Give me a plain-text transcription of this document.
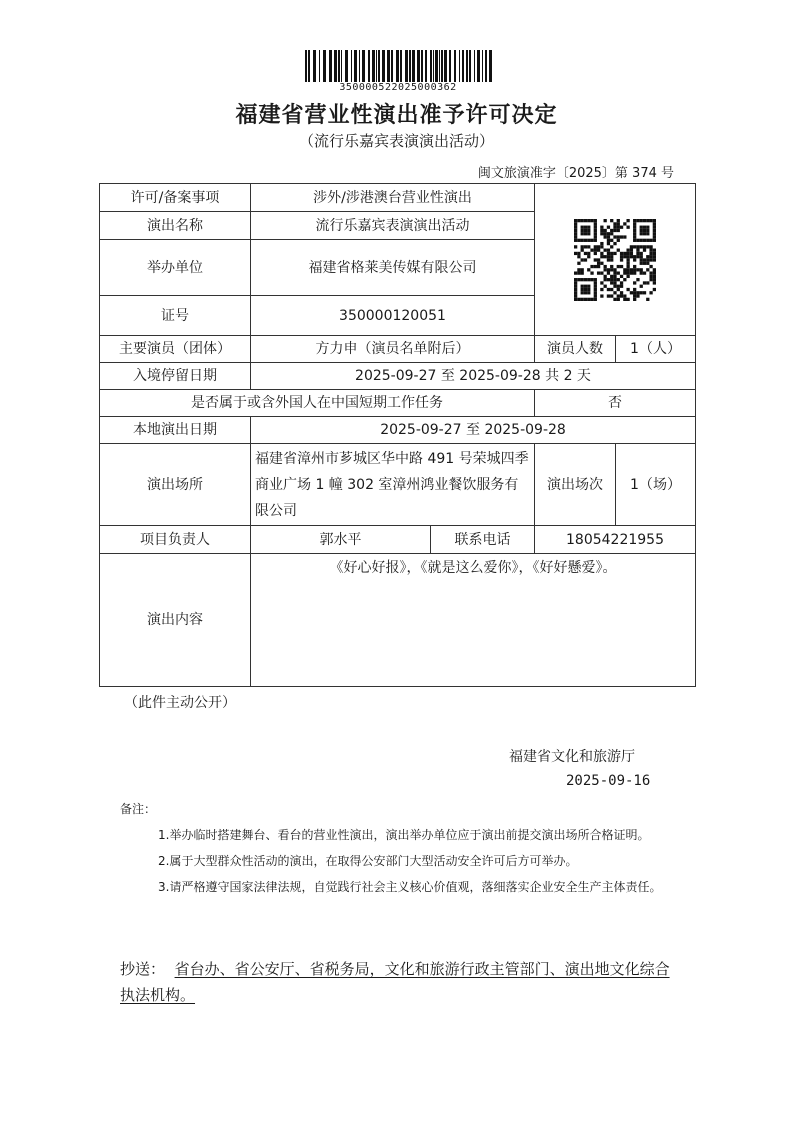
350000522025000362
福建省营业性演出准予许可决定
（流行乐嘉宾表演演出活动）
闽文旅演准字〔2025〕第 374 号
许可/备案事项	涉外/涉港澳台营业性演出	

演出名称	流行乐嘉宾表演演出活动			
举办单位	福建省格莱美传媒有限公司			
证号	350000120051			
主要演员（团体）	方力申（演员名单附后）		演员人数	1（人）
入境停留日期	2025-09-27 至 2025-09-28 共 2 天			
是否属于或含外国人在中国短期工作任务			否	
本地演出日期	2025-09-27 至 2025-09-28			
演出场所	福建省漳州市芗城区华中路 491 号荣城四季商业广场 1 幢 302 室漳州鸿业餐饮服务有限公司		演出场次	1（场）
项目负责人	郭水平	联系电话	18054221955	
演出内容	《好心好报》，《就是这么爱你》，《好好懸爱》。			
（此件主动公开）
福建省文化和旅游厅
2025-09-16
备注：
1.举办临时搭建舞台、看台的营业性演出，演出举办单位应于演出前提交演出场所合格证明。
2.属于大型群众性活动的演出，在取得公安部门大型活动安全许可后方可举办。
3.请严格遵守国家法律法规，自觉践行社会主义核心价值观，落细落实企业安全生产主体责任。
抄送： 省台办、省公安厅、省税务局，文化和旅游行政主管部门、演出地文化综合执法机构。
